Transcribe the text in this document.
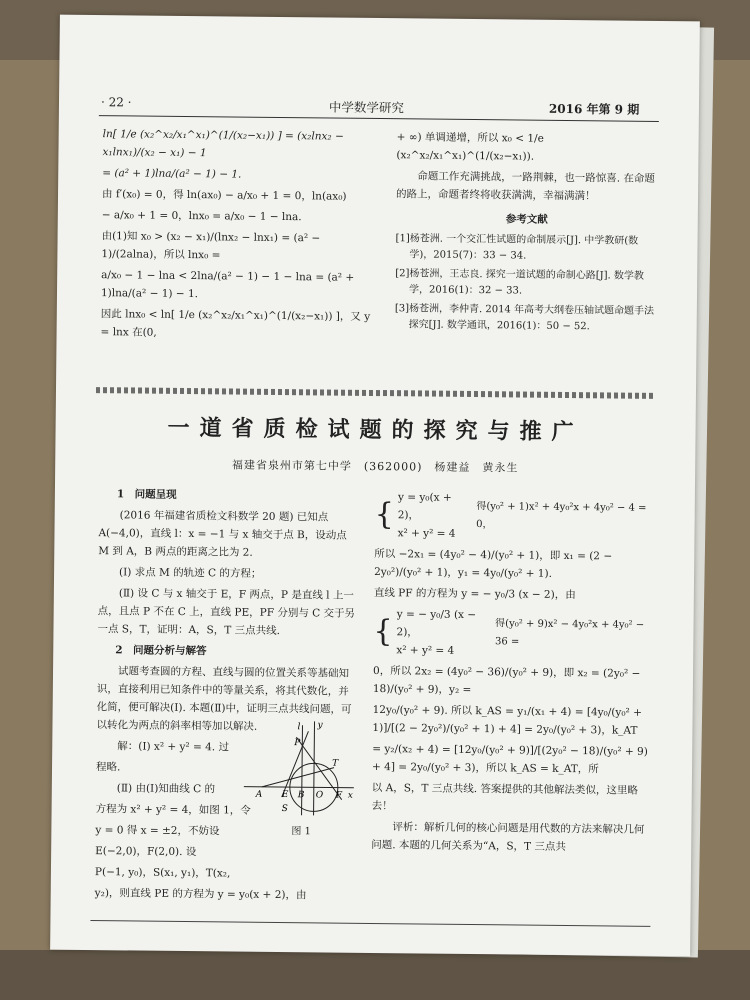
· 22 ·	中学数学研究	2016 年第 9 期

ln[ 1/e (x₂^x₂/x₁^x₁)^(1/(x₂−x₁)) ] = (x₂lnx₂ − x₁lnx₁)/(x₂ − x₁) − 1

= (a² + 1)lna/(a² − 1) − 1.

由 f′(x₀) = 0，得 ln(ax₀) − a/x₀ + 1 = 0，ln(ax₀)

− a/x₀ + 1 = 0，lnx₀ = a/x₀ − 1 − lna.

由(1)知 x₀ > (x₂ − x₁)/(lnx₂ − lnx₁) = (a² − 1)/(2alna)，所以 lnx₀ =

a/x₀ − 1 − lna < 2lna/(a² − 1) − 1 − lna = (a² + 1)lna/(a² − 1) − 1.

因此 lnx₀ < ln[ 1/e (x₂^x₂/x₁^x₁)^(1/(x₂−x₁)) ]，又 y = lnx 在(0,

+ ∞) 单调递增，所以 x₀ < 1/e (x₂^x₂/x₁^x₁)^(1/(x₂−x₁)).

命题工作充满挑战，一路荆棘，也一路惊喜. 在命题的路上，命题者终将收获满满，幸福满满！

参考文献

[1]杨苍洲. 一个交汇性试题的命制展示[J]. 中学教研(数学)，2015(7)：33 − 34.

[2]杨苍洲，王志良. 探究一道试题的命制心路[J]. 数学教学，2016(1)：32 − 33.

[3]杨苍洲，李仲青. 2014 年高考大纲卷压轴试题命题手法探究[J]. 数学通讯，2016(1)：50 − 52.

一道省质检试题的探究与推广
福建省泉州市第七中学　(362000)　杨建益　黄永生

1　问题呈现

(2016 年福建省质检文科数学 20 题) 已知点 A(−4,0)，直线 l：x = −1 与 x 轴交于点 B，设动点 M 到 A，B 两点的距离之比为 2.

(Ⅰ) 求点 M 的轨迹 C 的方程；

(Ⅱ) 设 C 与 x 轴交于 E，F 两点，P 是直线 l 上一点，且点 P 不在 C 上，直线 PE，PF 分别与 C 交于另一点 S，T，证明：A，S，T 三点共线.

2　问题分析与解答

试题考查圆的方程、直线与圆的位置关系等基础知识，直接利用已知条件中的等量关系，将其代数化，并化简，便可解决(Ⅰ). 本题(Ⅱ)中，证明三点共线问题，可以转化为两点的斜率相等加以解决.

解：(Ⅰ) x² + y² = 4. 过

程略.

(Ⅱ) 由(Ⅰ)知曲线 C 的

方程为 x² + y² = 4，如图 1，令

y = 0 得 x = ±2，不妨设

E(−2,0)，F(2,0). 设

P(−1, y₀)，S(x₁, y₁)，T(x₂,

y₂)，则直线 PE 的方程为 y = y₀(x + 2)，由

l y
P
T
A E B O F x
S
图 1
{ y = y₀(x + 2)，
x² + y² = 4
得(y₀² + 1)x² + 4y₀²x + 4y₀² − 4 = 0，

所以 −2x₁ = (4y₀² − 4)/(y₀² + 1)，即 x₁ = (2 − 2y₀²)/(y₀² + 1)，y₁ = 4y₀/(y₀² + 1).

直线 PF 的方程为 y = − y₀/3 (x − 2)，由

{ y = − y₀/3 (x − 2)，
x² + y² = 4
得(y₀² + 9)x² − 4y₀²x + 4y₀² − 36 =

0，所以 2x₂ = (4y₀² − 36)/(y₀² + 9)，即 x₂ = (2y₀² − 18)/(y₀² + 9)，y₂ =

12y₀/(y₀² + 9). 所以 k_AS = y₁/(x₁ + 4) = [4y₀/(y₀² + 1)]/[(2 − 2y₀²)/(y₀² + 1) + 4] = 2y₀/(y₀² + 3)，k_AT

= y₂/(x₂ + 4) = [12y₀/(y₀² + 9)]/[(2y₀² − 18)/(y₀² + 9) + 4] = 2y₀/(y₀² + 3)，所以 k_AS = k_AT，所

以 A，S，T 三点共线. 答案提供的其他解法类似，这里略去！

评析：解析几何的核心问题是用代数的方法来解决几何问题. 本题的几何关系为“A，S，T 三点共
